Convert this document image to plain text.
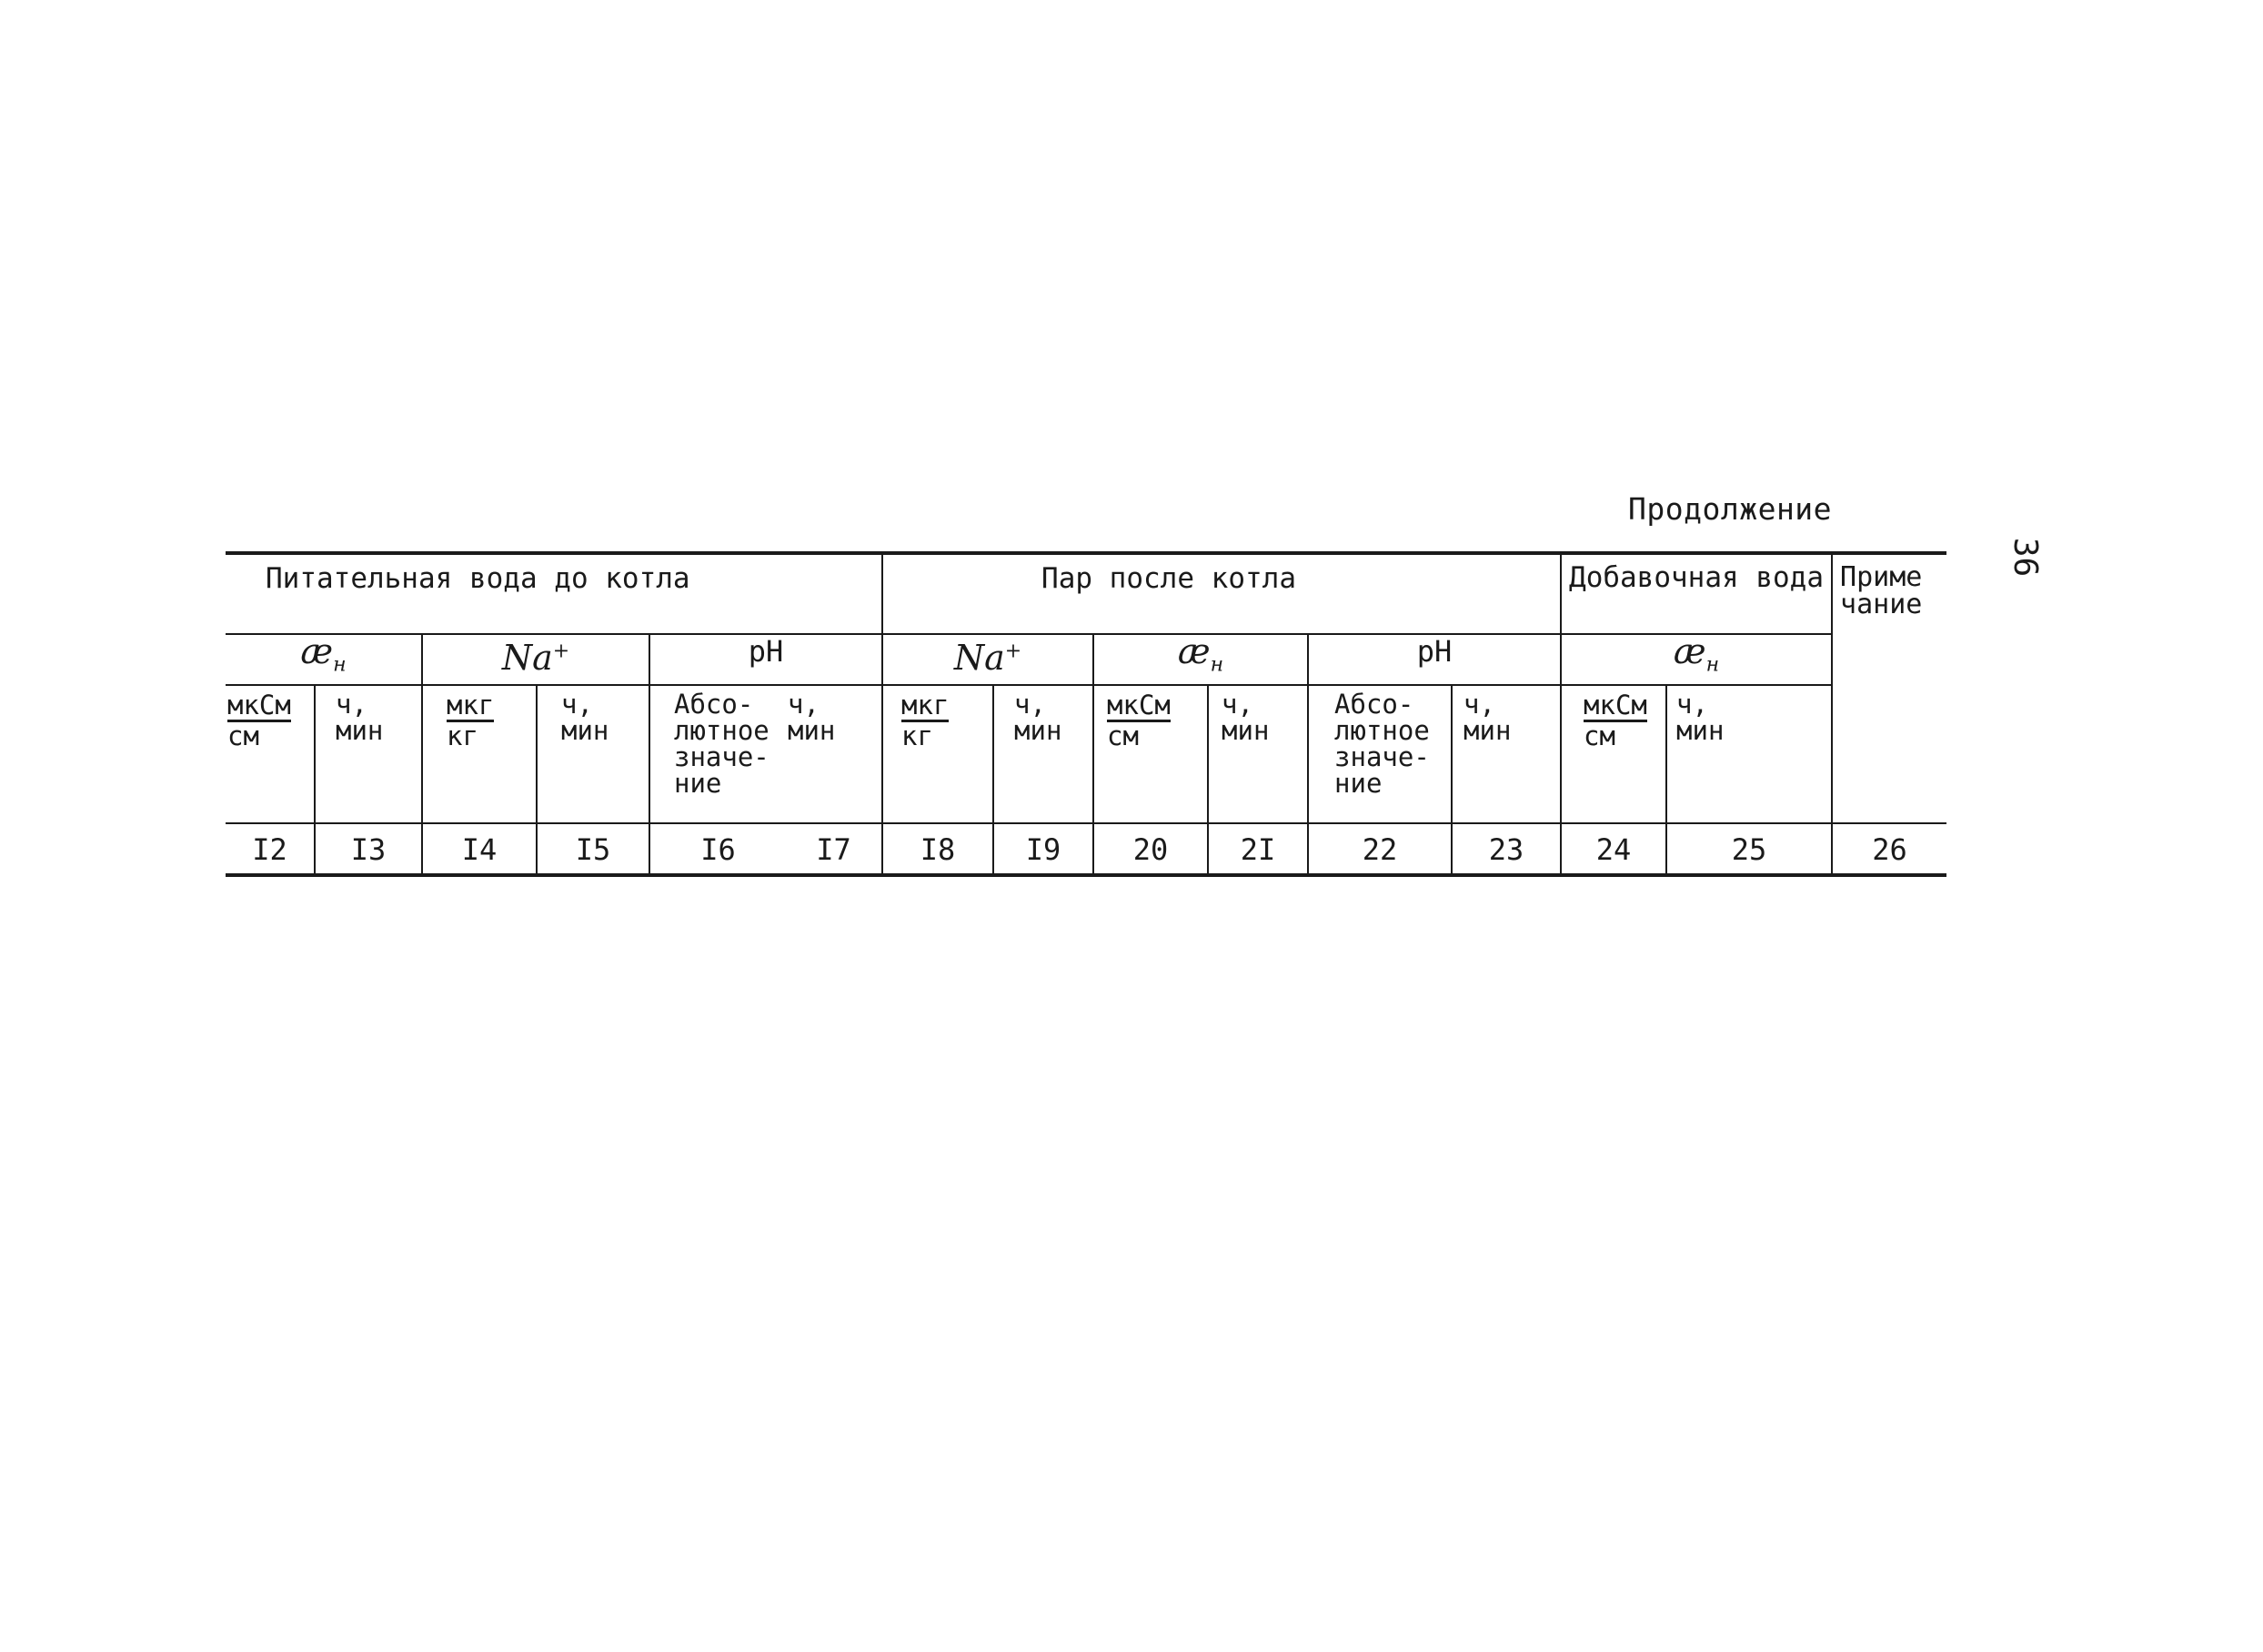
36
Продолжение
Питательная вода до котла						Пар после котла						Добавочная вода		Примечание

$æ_н$		Na+		pH		Na+		$æ_н$		pH		$æ_н$

$\frac{\text{мкСм}}{см}$	ч, мин	$\frac{\text{мкг}}{кг}$	ч, мин	Абсо-лютное значе-ние	ч, мин	$\frac{\text{мкг}}{кг}$	ч, мин	$\frac{\text{мкСм}}{см}$	ч, мин	Абсо-лютное значе-ние	ч, мин	$\frac{\text{мкСм}}{см}$	ч, мин	

I2	I3	I4	I5	I6	I7	I8	I9	20	2I	22	23	24	25	26
